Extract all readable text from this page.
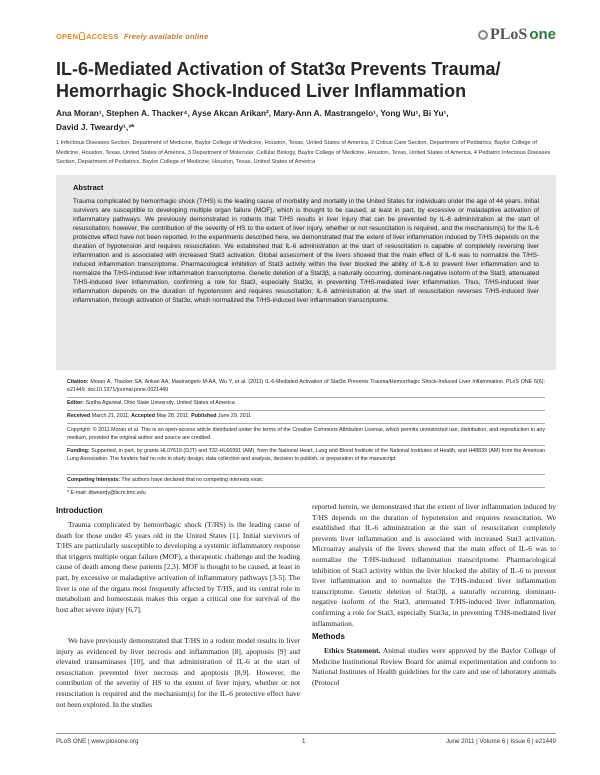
OPEN ACCESS Freely available online	PLoS one
IL-6-Mediated Activation of Stat3α Prevents Trauma/
Hemorrhagic Shock-Induced Liver Inflammation
Ana Moran¹, Stephen A. Thacker⁴, Ayse Akcan Arikan², Mary-Ann A. Mastrangelo¹, Yong Wu¹, Bi Yu¹,
David J. Tweardy¹,³*
1 Infectious Diseases Section, Department of Medicine, Baylor College of Medicine, Houston, Texas, United States of America, 2 Critical Care Section, Department of Pediatrics, Baylor College of Medicine, Houston, Texas, United States of America, 3 Department of Molecular, Cellular Biology, Baylor College of Medicine, Houston, Texas, United States of America, 4 Pediatric Infectious Diseases Section, Department of Pediatrics, Baylor College of Medicine, Houston, Texas, United States of America
Abstract
Trauma complicated by hemorrhagic shock (T/HS) is the leading cause of morbidity and mortality in the United States for individuals under the age of 44 years. Initial survivors are susceptible to developing multiple organ failure (MOF), which is thought to be caused, at least in part, by excessive or maladaptive activation of inflammatory pathways. We previously demonstrated in rodents that T/HS results in liver injury that can be prevented by IL-6 administration at the start of resuscitation; however, the contribution of the severity of HS to the extent of liver injury, whether or not resuscitation is required, and the mechanism(s) for the IL-6 protective effect have not been reported. In the experiments described here, we demonstrated that the extent of liver inflammation induced by T/HS depends on the duration of hypotension and requires resuscitation. We established that IL-6 administration at the start of resuscitation is capable of completely reversing liver inflammation and is associated with increased Stat3 activation. Global assessment of the livers showed that the main effect of IL-6 was to normalize the T/HS-induced inflammation transcriptome. Pharmacological inhibition of Stat3 activity within the liver blocked the ability of IL-6 to prevent liver inflammation and to normalize the T/HS-induced liver inflammation transcriptome. Genetic deletion of a Stat3β, a naturally occurring, dominant-negative isoform of the Stat3, attenuated T/HS-induced liver inflammation, confirming a role for Stat3, especially Stat3α, in preventing T/HS-mediated liver inflammation. Thus, T/HS-induced liver inflammation depends on the duration of hypotension and requires resuscitation; IL-6 administration at the start of resuscitation reverses T/HS-induced liver inflammation, through activation of Stat3α, which normalized the T/HS-induced liver inflammation transcriptome.
Citation: Moran A, Thacker SA, Arikan AA, Mastrangelo M-AA, Wu Y, et al. (2011) IL-6-Mediated Activation of Stat3α Prevents Trauma/Hemorrhagic Shock-Induced Liver Inflammation. PLoS ONE 6(6): e21449. doi:10.1371/journal.pone.0021449
Editor: Sudha Agarwal, Ohio State University, United States of America
Received March 21, 2011; Accepted May 28, 2011; Published June 29, 2011
Copyright: © 2011 Moran et al. This is an open-access article distributed under the terms of the Creative Commons Attribution License, which permits unrestricted use, distribution, and reproduction in any medium, provided the original author and source are credited.
Funding: Supported, in part, by grants HL07619 (DJT) and T32-HL66991 (AM), from the National Heart, Lung and Blood Institute of the National Institutes of Health, and H48839 (AM) from the American Lung Association. The funders had no role in study design, data collection and analysis, decision to publish, or preparation of the manuscript.
Competing Interests: The authors have declared that no competing interests exist.
* E-mail: dtweardy@bcm.tmc.edu
Introduction
Trauma complicated by hemorrhagic shock (T/HS) is the leading cause of death for those under 45 years old in the United States [1]. Initial survivors of T/HS are particularly susceptible to developing a systemic inflammatory response that triggers multiple organ failure (MOF), a therapeutic challenge and the leading cause of death among these patients [2,3]. MOF is thought to be caused, at least in part, by excessive or maladaptive activation of inflammatory pathways [3-5]. The liver is one of the organs most frequently affected by T/HS, and its central role in metabolism and homeostasis makes this organ a critical one for survival of the host after severe injury [6,7].
We have previously demonstrated that T/HS in a rodent model results in liver injury as evidenced by liver necrosis and inflammation [8], apoptosis [9] and elevated transaminases [10], and that administration of IL-6 at the start of resuscitation prevented liver necrosis and apoptosis [8,9]. However, the contribution of the severity of HS to the extent of liver injury, whether or not resuscitation is required and the mechanism(s) for the IL-6 protective effect have not been explored. In the studies
reported herein, we demonstrated that the extent of liver inflammation induced by T/HS depends on the duration of hypotension and requires resuscitation. We established that IL-6 administration at the start of resuscitation completely prevents liver inflammation and is associated with increased Stat3 activation. Microarray analysis of the livers showed that the main effect of IL-6 was to normalize the T/HS-induced inflammation transcriptome. Pharmacological inhibition of Stat3 activity within the liver blocked the ability of IL-6 to prevent liver inflammation and to normalize the T/HS-induced liver inflammation transcriptome. Genetic deletion of Stat3β, a naturally occurring, dominant-negative isoform of the Stat3, attenuated T/HS-induced liver inflammation, confirming a role for Stat3, especially Stat3α, in preventing T/HS-mediated liver inflammation.
Methods
Ethics Statement. Animal studies were approved by the Baylor College of Medicine Institutional Review Board for animal experimentation and conform to National Institutes of Health guidelines for the care and use of laboratory animals (Protocol
PLoS ONE | www.plosone.org	1	June 2011 | Volume 6 | Issue 6 | e21449
